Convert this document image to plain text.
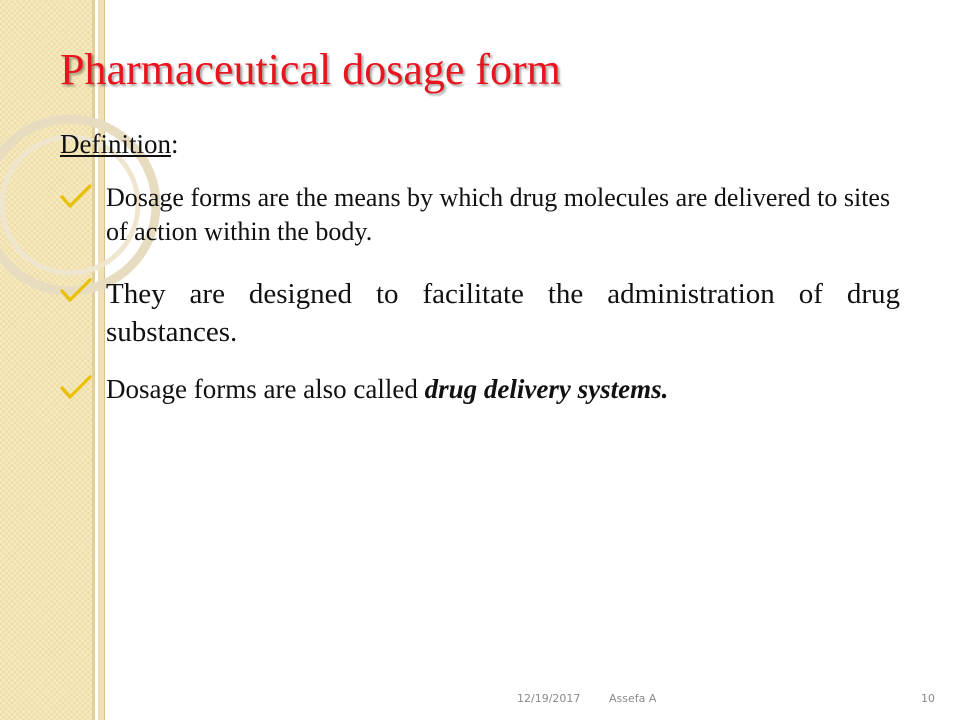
Pharmaceutical dosage form
Definition:
Dosage forms are the means by which drug molecules are delivered to sites of action within the body.
They are designed to facilitate the administration of drug substances.
Dosage forms are also called drug delivery systems.
12/19/2017	Assefa A	10
